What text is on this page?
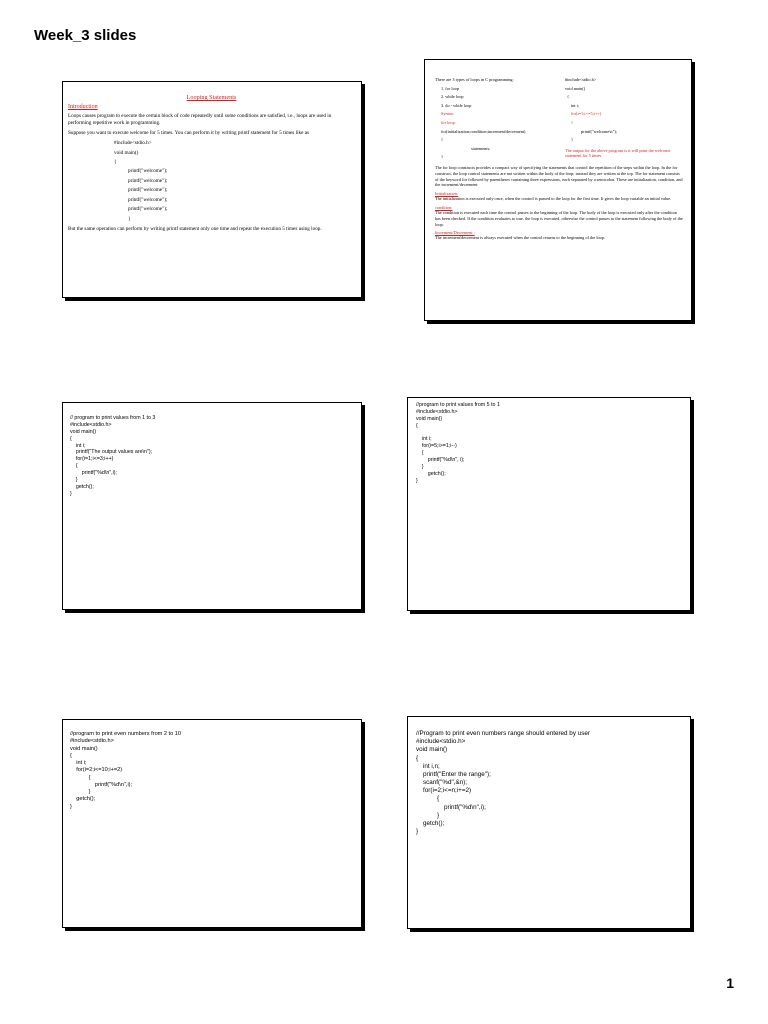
Week_3 slides
Looping Statements
Introduction
Loops causes program to execute the certain block of code repeatedly until some conditions are satisfied, i.e., loops are used in performing repetitive work in programming.
Suppose you want to execute welcome for 5 times. You can perform it by writing printf statement for 5 times like as
#include<stdio.h>
void main()
{
printf("welcome");
printf("welcome");
printf("welcome");
printf("welcome");
printf("welcome");
}
But the same operation can perform by writing printf statement only one time and repeat the execution 5 times using loop.
There are 3 types of loops in C programming:
1. for loop
2. while loop
3. do - while loop
Syntax:
for loop
for(initialization;condition;increment/decrement)
{
statements;
}
#include<stdio.h>
void main()
{
int i;
for(i=1;i<=5;i++)
{
printf("welcome\n");
}
The output for the above program is it will print the welcome statement for 5 times.
The for loop constructs provides a compact way of specifying the statements that control the repetition of the steps within the loop. In the for construct, the loop control statements are not written within the body of the loop; instead they are written at the top. The for statement consists of the keyword for followed by parentheses containing three expressions, each separated by a semicolon. These are initialization, condition, and the increment/decrement
Initialization:
The initialization is executed only once, when the control is passed to the loop for the first time. It gives the loop variable an initial value.
condition:
The condition is executed each time the control passes to the beginning of the loop. The body of the loop is executed only after the condition has been checked. If the condition evaluates to true, the loop is executed, otherwise the control passes to the statement following the body of the loop.
Increment/Decrement :
The increment/decrement is always executed when the control returns to the beginning of the loop.
// program to print values from 1 to 3
#include<stdio.h>
void main()
{
int i;
printf("The output values are\n");
for(i=1;i<=3;i++)
{
printf("%d\n",i);
}
getch();
}
//program to print values from 5 to 1
#include<stdio.h>
void main()
{

int i;
for(i=5;i>=1;i--)
{
printf("%d\n", i);
}
getch();
}
//program to print even numbers from 2 to 10
#include<stdio.h>
void main()
{
int i;
for(i=2;i<=10;i+=2)
{
printf("%d\n",i);
}
getch();
}
//Program to print even numbers range should entered by user
#include<stdio.h>
void main()
{
int i,n;
printf("Enter the range");
scanf("%d",&n);
for(i=2;i<=n;i+=2)
{
printf("%d\n",i);
}
getch();
}
1
